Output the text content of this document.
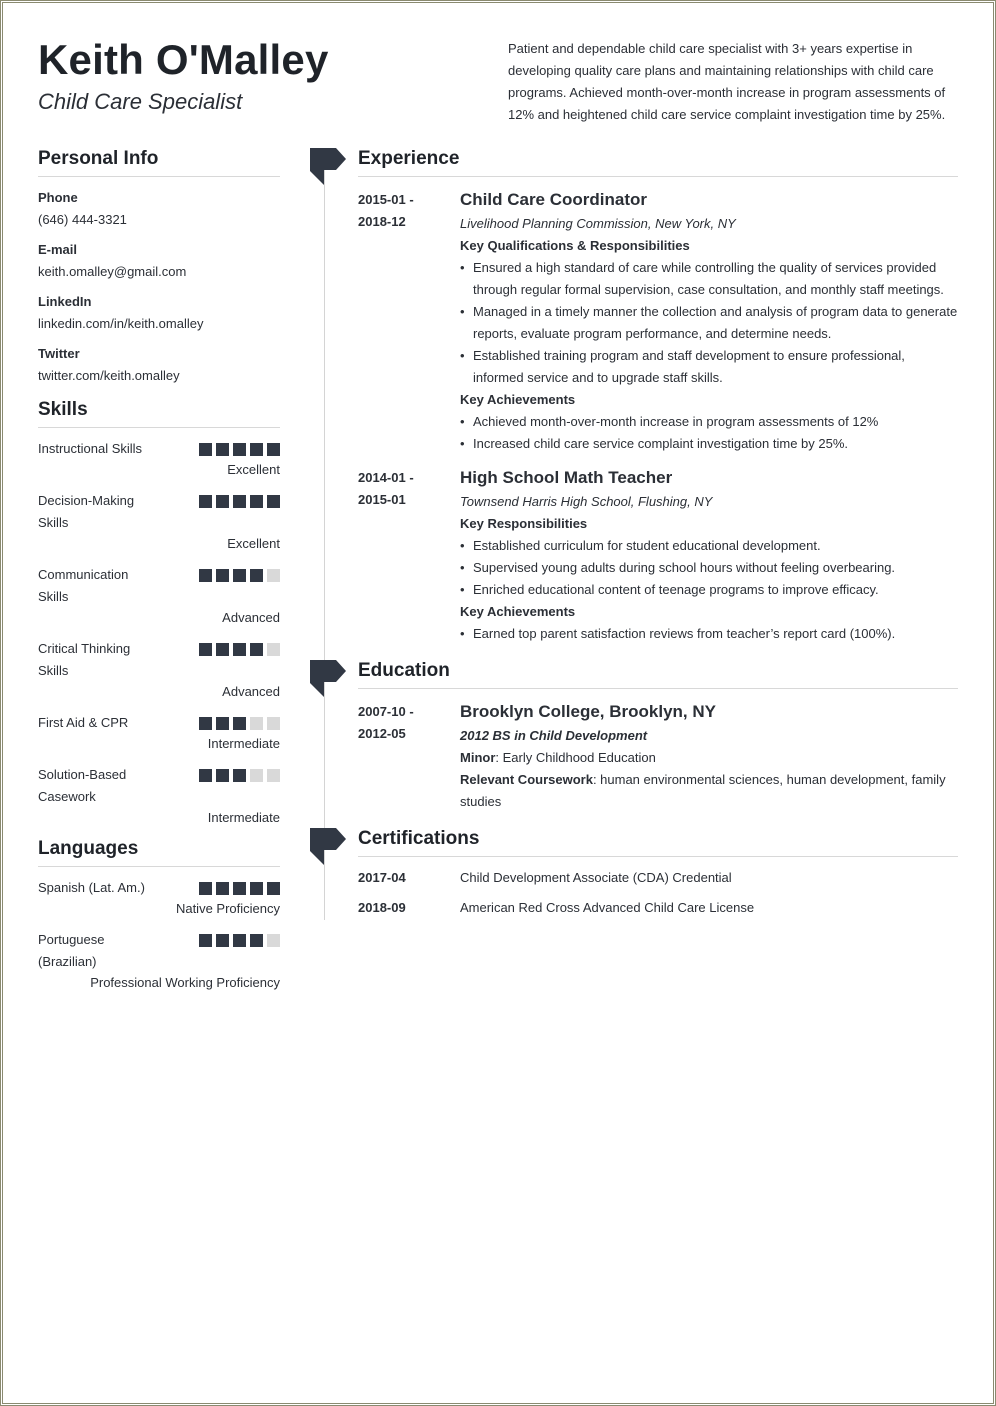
Keith O'Malley
Child Care Specialist
Patient and dependable child care specialist with 3+ years expertise in developing quality care plans and maintaining relationships with child care programs. Achieved month-over-month increase in program assessments of 12% and heightened child care service complaint investigation time by 25%.
Personal Info
Phone
(646) 444-3321
E-mail
keith.omalley@gmail.com
LinkedIn
linkedin.com/in/keith.omalley
Twitter
twitter.com/keith.omalley
Skills
Instructional Skills
Excellent
Decision-Making Skills
Excellent
Communication Skills
Advanced
Critical Thinking Skills
Advanced
First Aid & CPR
Intermediate
Solution-Based Casework
Intermediate
Languages
Spanish (Lat. Am.)
Native Proficiency
Portuguese (Brazilian)
Professional Working Proficiency
Experience
2015-01 -
2018-12
Child Care Coordinator
Livelihood Planning Commission, New York, NY
Key Qualifications & Responsibilities
• Ensured a high standard of care while controlling the quality of services provided through regular formal supervision, case consultation, and monthly staff meetings.
• Managed in a timely manner the collection and analysis of program data to generate reports, evaluate program performance, and determine needs.
• Established training program and staff development to ensure professional, informed service and to upgrade staff skills.
Key Achievements
• Achieved month-over-month increase in program assessments of 12%
• Increased child care service complaint investigation time by 25%.
2014-01 -
2015-01
High School Math Teacher
Townsend Harris High School, Flushing, NY
Key Responsibilities
• Established curriculum for student educational development.
• Supervised young adults during school hours without feeling overbearing.
• Enriched educational content of teenage programs to improve efficacy.
Key Achievements
• Earned top parent satisfaction reviews from teacher’s report card (100%).
Education
2007-10 -
2012-05
Brooklyn College, Brooklyn, NY
2012 BS in Child Development
Minor: Early Childhood Education
Relevant Coursework: human environmental sciences, human development, family studies
Certifications
2017-04	Child Development Associate (CDA) Credential
2018-09	American Red Cross Advanced Child Care License
